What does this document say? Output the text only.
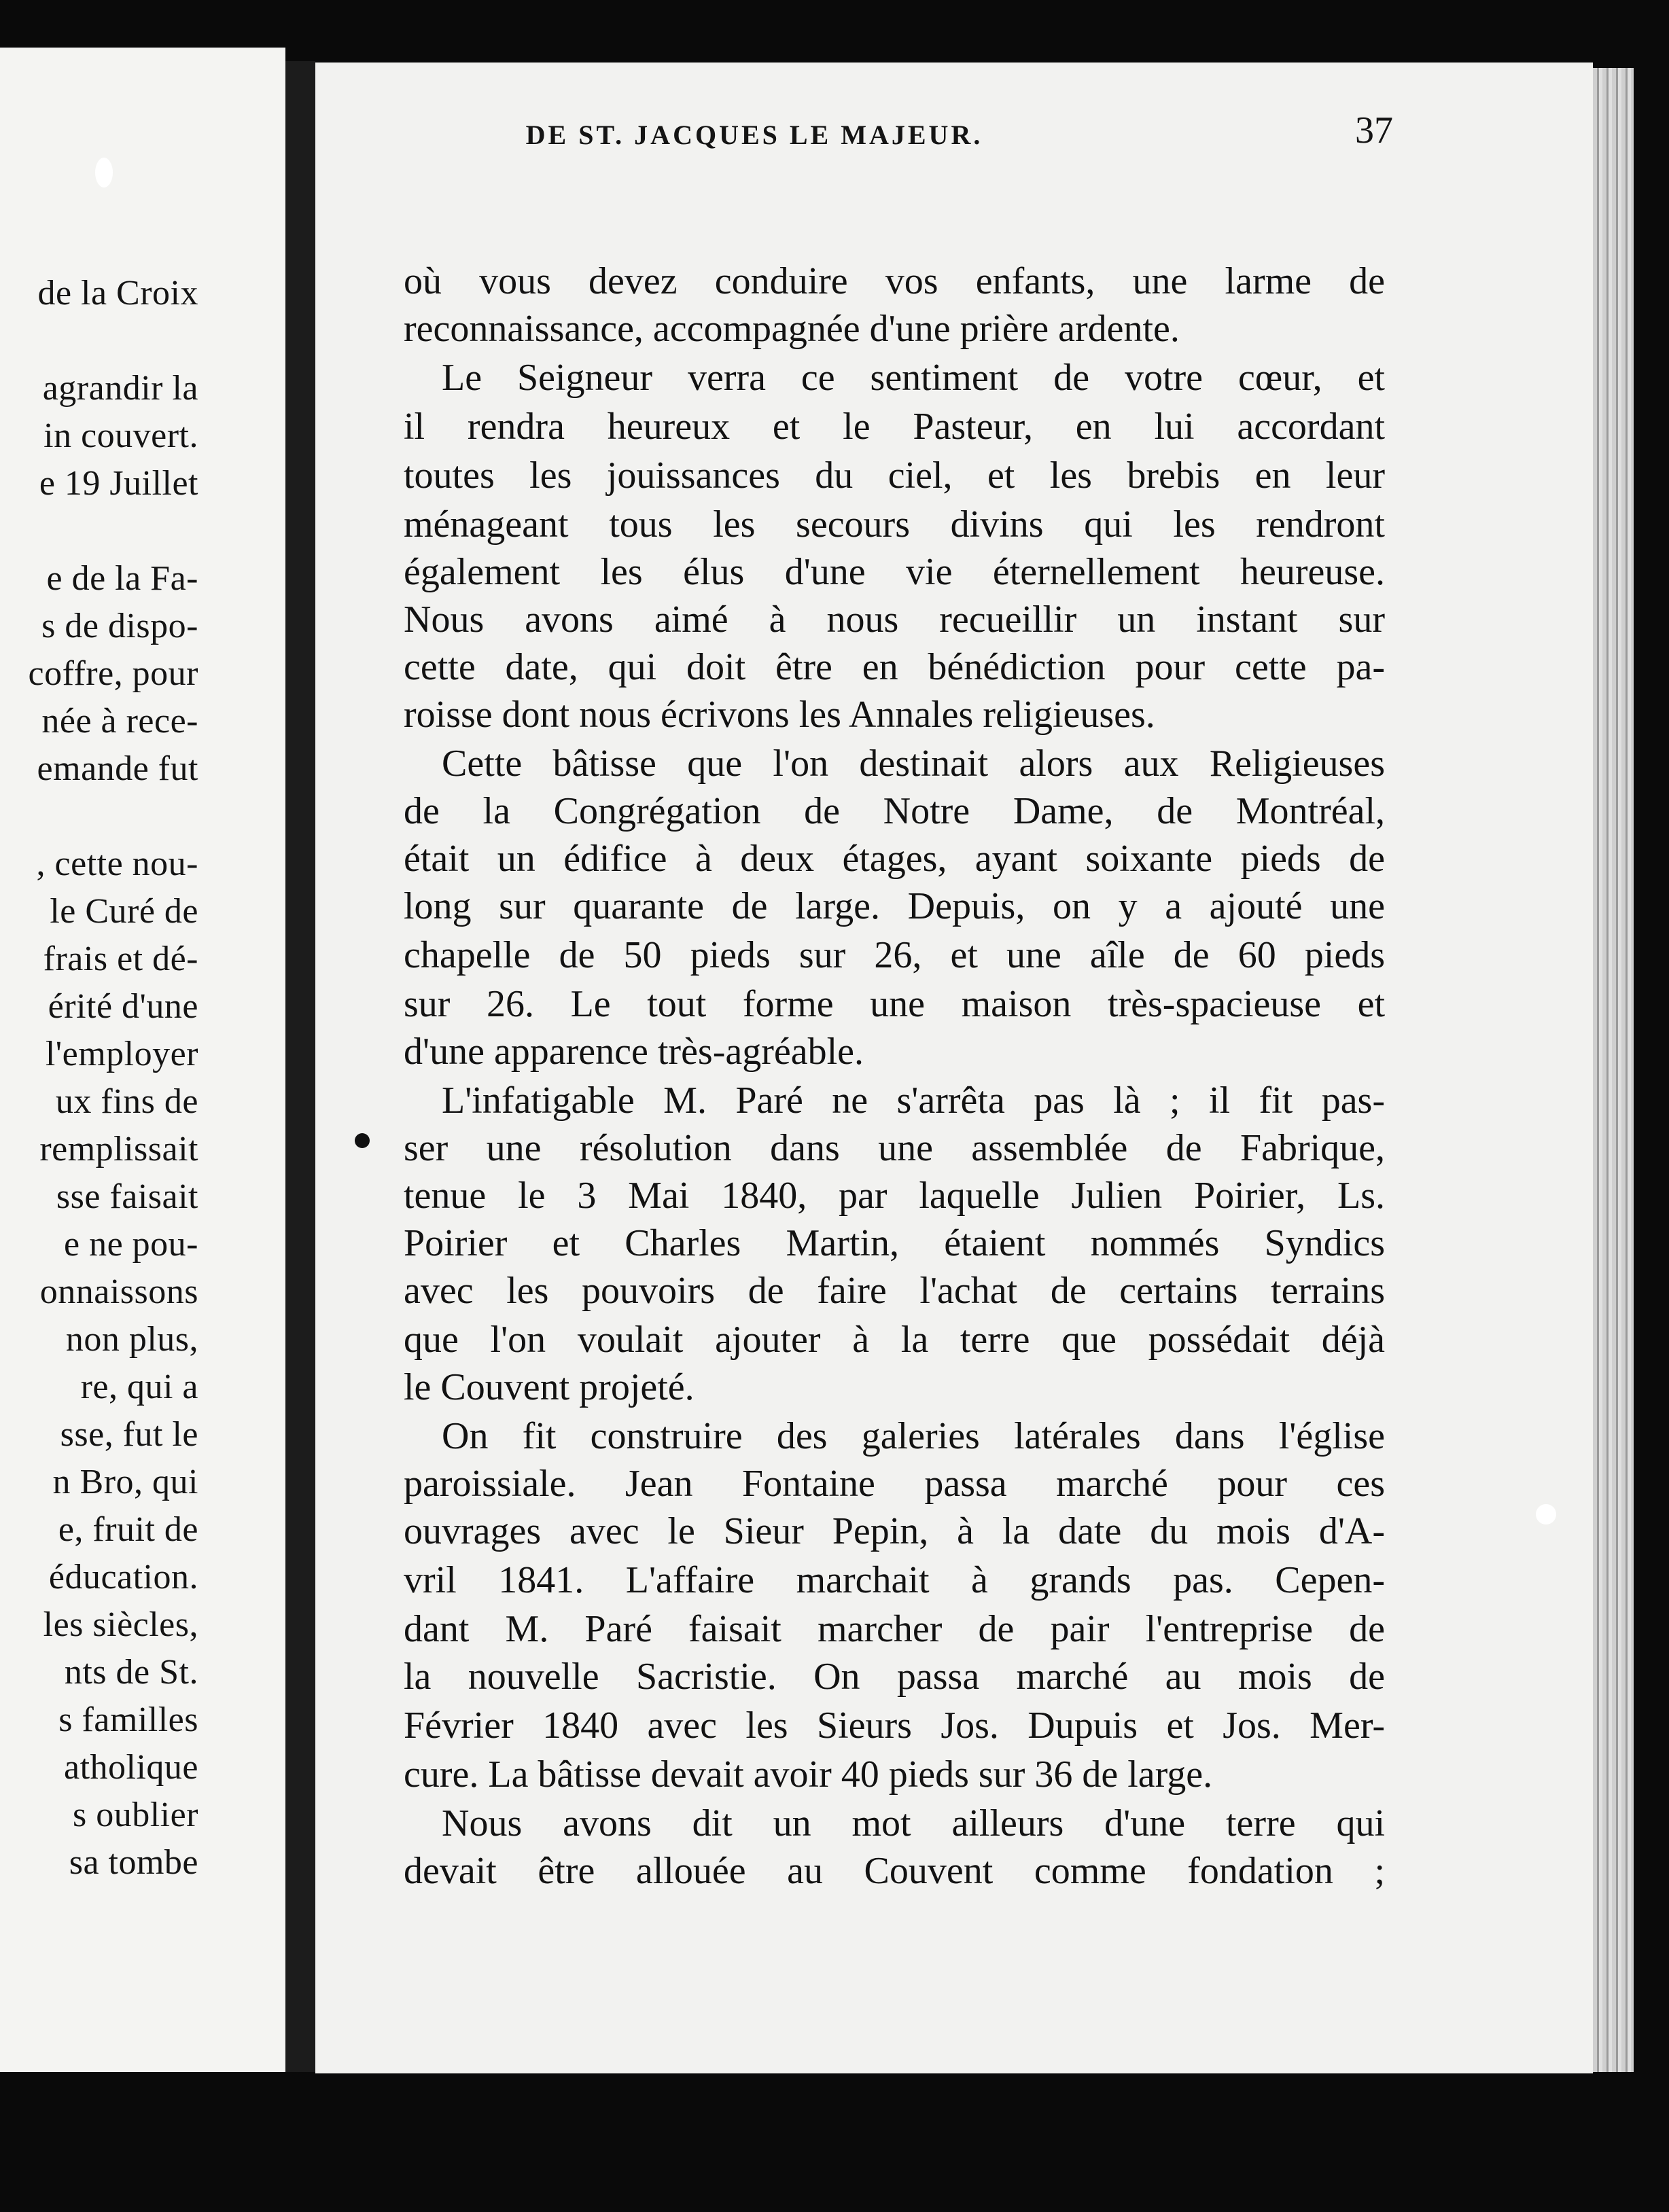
de la Croix
agrandir la
in couvert.
e 19 Juillet
e de la Fa-
s de dispo-
coffre, pour
née à rece-
emande fut
, cette nou-
le Curé de
frais et dé-
érité d'une
l'employer
ux fins de
remplissait
sse faisait
e ne pou-
onnaissons
non plus,
re, qui a
sse, fut le
n Bro, qui
e, fruit de
éducation.
les siècles,
nts de St.
s familles
atholique
s oublier
sa tombe
DE ST. JACQUES LE MAJEUR.	37
où vous devez conduire vos enfants, une larme de
reconnaissance, accompagnée d'une prière ardente.
Le Seigneur verra ce sentiment de votre cœur, et
il rendra heureux et le Pasteur, en lui accordant
toutes les jouissances du ciel, et les brebis en leur
ménageant tous les secours divins qui les rendront
également les élus d'une vie éternellement heureuse.
Nous avons aimé à nous recueillir un instant sur
cette date, qui doit être en bénédiction pour cette pa-
roisse dont nous écrivons les Annales religieuses.
Cette bâtisse que l'on destinait alors aux Religieuses
de la Congrégation de Notre Dame, de Montréal,
était un édifice à deux étages, ayant soixante pieds de
long sur quarante de large. Depuis, on y a ajouté une
chapelle de 50 pieds sur 26, et une aîle de 60 pieds
sur 26. Le tout forme une maison très-spacieuse et
d'une apparence très-agréable.
L'infatigable M. Paré ne s'arrêta pas là ; il fit pas-
ser une résolution dans une assemblée de Fabrique,
tenue le 3 Mai 1840, par laquelle Julien Poirier, Ls.
Poirier et Charles Martin, étaient nommés Syndics
avec les pouvoirs de faire l'achat de certains terrains
que l'on voulait ajouter à la terre que possédait déjà
le Couvent projeté.
On fit construire des galeries latérales dans l'église
paroissiale. Jean Fontaine passa marché pour ces
ouvrages avec le Sieur Pepin, à la date du mois d'A-
vril 1841. L'affaire marchait à grands pas. Cepen-
dant M. Paré faisait marcher de pair l'entreprise de
la nouvelle Sacristie. On passa marché au mois de
Février 1840 avec les Sieurs Jos. Dupuis et Jos. Mer-
cure. La bâtisse devait avoir 40 pieds sur 36 de large.
Nous avons dit un mot ailleurs d'une terre qui
devait être allouée au Couvent comme fondation ;
